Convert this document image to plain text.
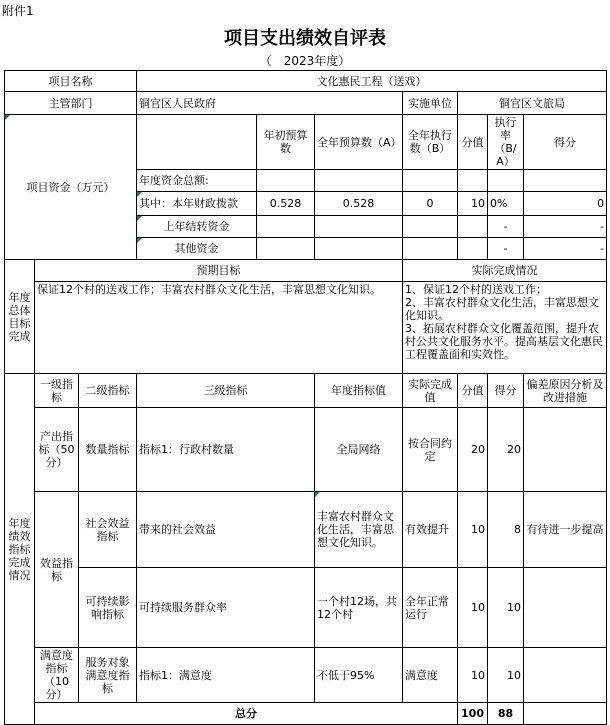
附件1
项目支出绩效自评表
（　2023年度）
项目名称			文化惠民工程（送戏）						
主管部门			铜官区人民政府			实施单位	铜官区文旅局		
项目资金（万元）				年初预算数	全年预算数（A）	全年执行数（B）	分值	执行率（B/A）	得分
			年度资金总额:						
			其中：本年财政拨款	0.528	0.528	0	10	0%	0
			上年结转资金					-	-
			其他资金					-	-
年度总体目标完成	预期目标					实际完成情况			
	保证12个村的送戏工作；丰富农村群众文化生活，丰富思想文化知识。					1、保证12个村的送戏工作；
2、丰富农村群众文化生活，丰富思想文化知识。
3、拓展农村群众文化覆盖范围，提升农村公共文化服务水平。提高基层文化惠民工程覆盖面和实效性。			
年度绩效指标完成情况	一级指标	二级指标	三级指标		年度指标值	实际完成值	分值	得分	偏差原因分析及改进措施
	产出指标（50分）	数量指标	指标1：行政村数量		全局网络	按合同约定	20	20	
	效益指标	社会效益指标	带来的社会效益		丰富农村群众文化生活，丰富思想文化知识。	有效提升	10	8	有待进一步提高
		可持续影响指标	可持续服务群众率		一个村12场，共12个村	全年正常运行	10	10	
	满意度指标（10分）	服务对象满意度指标	指标1：满意度		不低于95%	满意度	10	10	
	总分						100	88	
